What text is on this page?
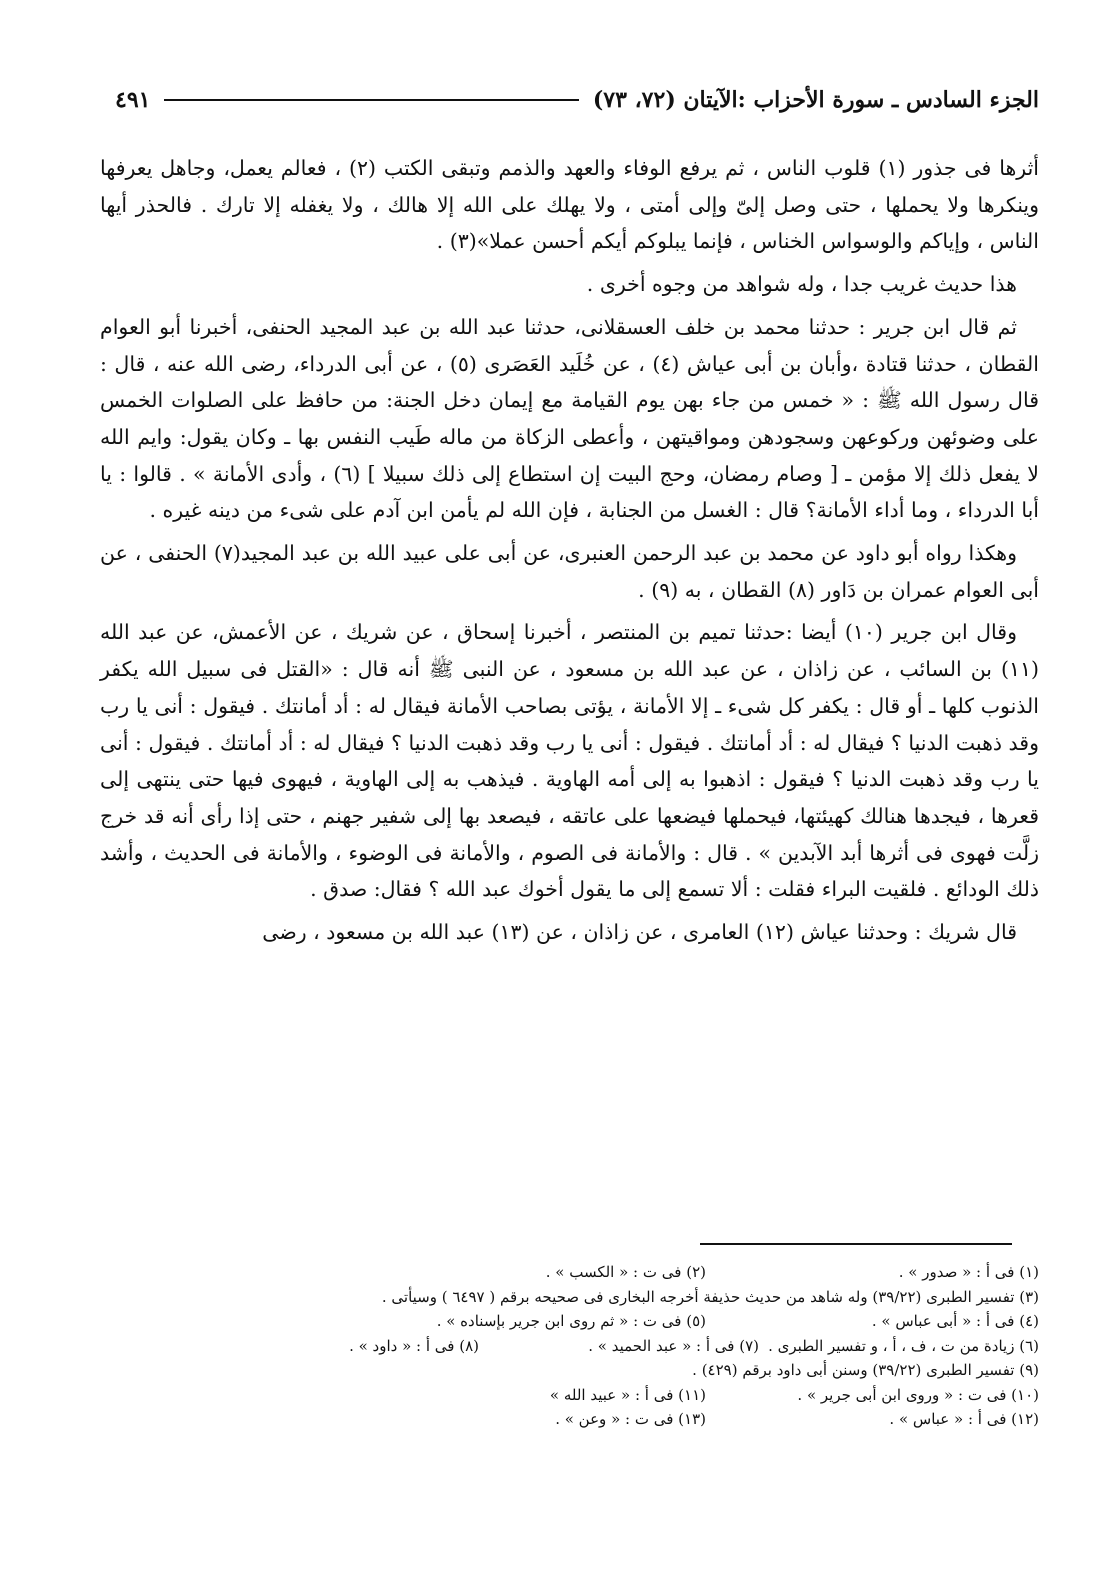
الجزء السادس ـ سورة الأحزاب :الآيتان (٧٢، ٧٣)
٤٩١

أثرها فى جذور (١) قلوب الناس ، ثم يرفع الوفاء والعهد والذمم وتبقى الكتب (٢) ، فعالم يعمل، وجاهل يعرفها وينكرها ولا يحملها ، حتى وصل إلىّ وإلى أمتى ، ولا يهلك على الله إلا هالك ، ولا يغفله إلا تارك . فالحذر أيها الناس ، وإياكم والوسواس الخناس ، فإنما يبلوكم أيكم أحسن عملا»(٣) .

هذا حديث غريب جدا ، وله شواهد من وجوه أخرى .

ثم قال ابن جرير : حدثنا محمد بن خلف العسقلانى، حدثنا عبد الله بن عبد المجيد الحنفى، أخبرنا أبو العوام القطان ، حدثنا قتادة ،وأبان بن أبى عياش (٤) ، عن خُلَيد العَصَرى (٥) ، عن أبى الدرداء، رضى الله عنه ، قال : قال رسول الله ﷺ : « خمس من جاء بهن يوم القيامة مع إيمان دخل الجنة: من حافظ على الصلوات الخمس على وضوئهن وركوعهن وسجودهن ومواقيتهن ، وأعطى الزكاة من ماله طَيب النفس بها ـ وكان يقول: وايم الله لا يفعل ذلك إلا مؤمن ـ [ وصام رمضان، وحج البيت إن استطاع إلى ذلك سبيلا ] (٦) ، وأدى الأمانة » . قالوا : يا أبا الدرداء ، وما أداء الأمانة؟ قال : الغسل من الجنابة ، فإن الله لم يأمن ابن آدم على شىء من دينه غيره .

وهكذا رواه أبو داود عن محمد بن عبد الرحمن العنبرى، عن أبى على عبيد الله بن عبد المجيد(٧) الحنفى ، عن أبى العوام عمران بن دَاور (٨) القطان ، به (٩) .

وقال ابن جرير (١٠) أيضا :حدثنا تميم بن المنتصر ، أخبرنا إسحاق ، عن شريك ، عن الأعمش، عن عبد الله (١١) بن السائب ، عن زاذان ، عن عبد الله بن مسعود ، عن النبى ﷺ أنه قال : «القتل فى سبيل الله يكفر الذنوب كلها ـ أو قال : يكفر كل شىء ـ إلا الأمانة ، يؤتى بصاحب الأمانة فيقال له : أد أمانتك . فيقول : أنى يا رب وقد ذهبت الدنيا ؟ فيقال له : أد أمانتك . فيقول : أنى يا رب وقد ذهبت الدنيا ؟ فيقال له : أد أمانتك . فيقول : أنى يا رب وقد ذهبت الدنيا ؟ فيقول : اذهبوا به إلى أمه الهاوية . فيذهب به إلى الهاوية ، فيهوى فيها حتى ينتهى إلى قعرها ، فيجدها هنالك كهيئتها، فيحملها فيضعها على عاتقه ، فيصعد بها إلى شفير جهنم ، حتى إذا رأى أنه قد خرج زلَّت فهوى فى أثرها أبد الآبدين » . قال : والأمانة فى الصوم ، والأمانة فى الوضوء ، والأمانة فى الحديث ، وأشد ذلك الودائع . فلقيت البراء فقلت : ألا تسمع إلى ما يقول أخوك عبد الله ؟ فقال: صدق .

قال شريك : وحدثنا عياش (١٢) العامرى ، عن زاذان ، عن (١٣) عبد الله بن مسعود ، رضى

(١) فى أ : « صدور » .
(٢) فى ت : « الكسب » .
(٣) تفسير الطبرى (٣٩/٢٢) وله شاهد من حديث حذيفة أخرجه البخارى فى صحيحه برقم ( ٦٤٩٧ ) وسيأتى .
(٤) فى أ : « أبى عباس » .
(٥) فى ت : « ثم روى ابن جرير بإسناده » .
(٦) زيادة من ت ، ف ، أ ، و تفسير الطبرى .
(٧) فى أ : « عبد الحميد » .
(٨) فى أ : « داود » .
(٩) تفسير الطبرى (٣٩/٢٢) وسنن أبى داود برقم (٤٢٩) .
(١٠) فى ت : « وروى ابن أبى جرير » .
(١١) فى أ : « عبيد الله »
(١٢) فى أ : « عباس » .
(١٣) فى ت : « وعن » .
